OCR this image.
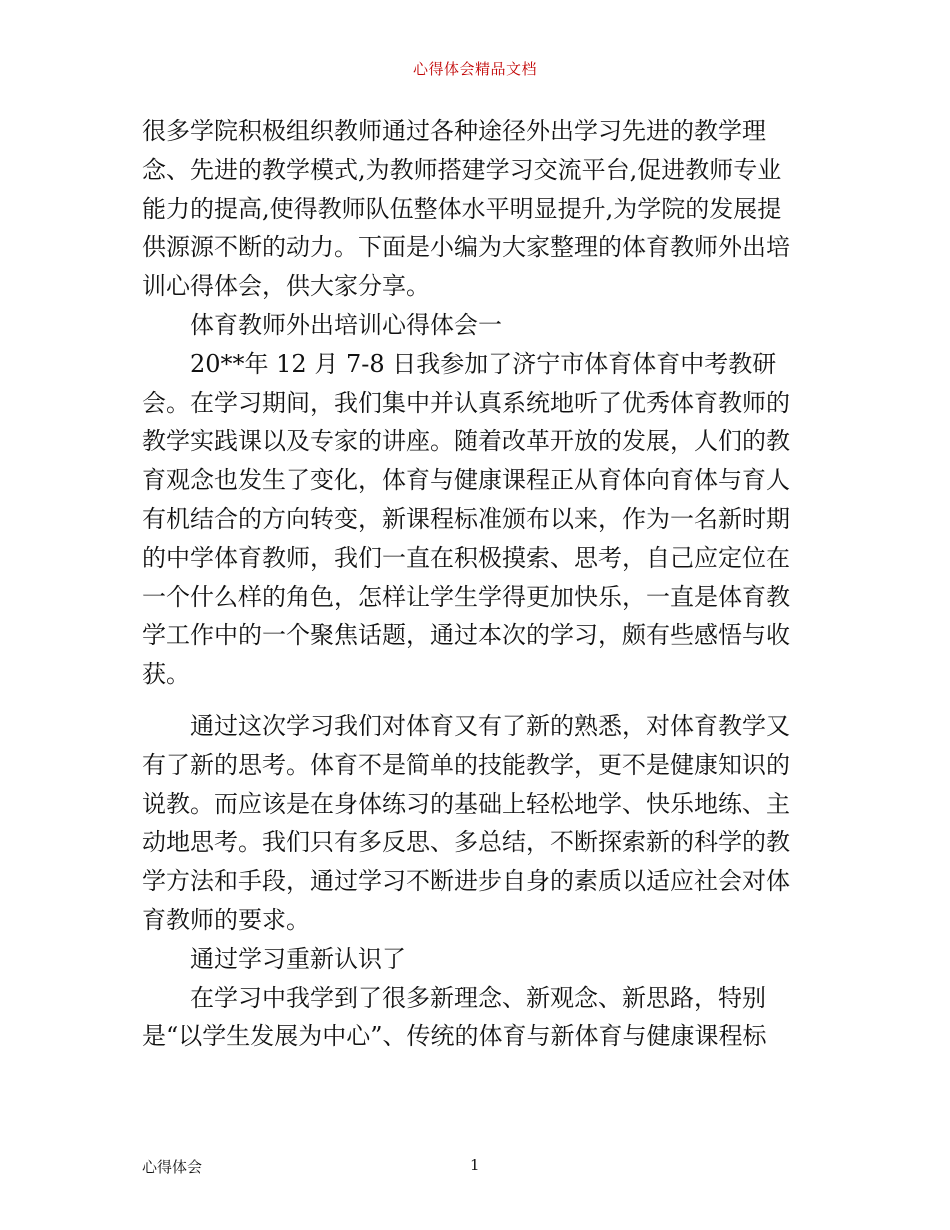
心得体会精品文档
很多学院积极组织教师通过各种途径外出学习先进的教学理
念、先进的教学模式,为教师搭建学习交流平台,促进教师专业
能力的提高,使得教师队伍整体水平明显提升,为学院的发展提
供源源不断的动力。下面是小编为大家整理的体育教师外出培
训心得体会，供大家分享。
体育教师外出培训心得体会一
20**年 12 月 7-8 日我参加了济宁市体育体育中考教研
会。在学习期间，我们集中并认真系统地听了优秀体育教师的
教学实践课以及专家的讲座。随着改革开放的发展，人们的教
育观念也发生了变化，体育与健康课程正从育体向育体与育人
有机结合的方向转变，新课程标准颁布以来，作为一名新时期
的中学体育教师，我们一直在积极摸索、思考，自己应定位在
一个什么样的角色，怎样让学生学得更加快乐，一直是体育教
学工作中的一个聚焦话题，通过本次的学习，颇有些感悟与收
获。
通过这次学习我们对体育又有了新的熟悉，对体育教学又
有了新的思考。体育不是简单的技能教学，更不是健康知识的
说教。而应该是在身体练习的基础上轻松地学、快乐地练、主
动地思考。我们只有多反思、多总结，不断探索新的科学的教
学方法和手段，通过学习不断进步自身的素质以适应社会对体
育教师的要求。
通过学习重新认识了
在学习中我学到了很多新理念、新观念、新思路，特别
是“以学生发展为中心”、传统的体育与新体育与健康课程标
心得体会	1
